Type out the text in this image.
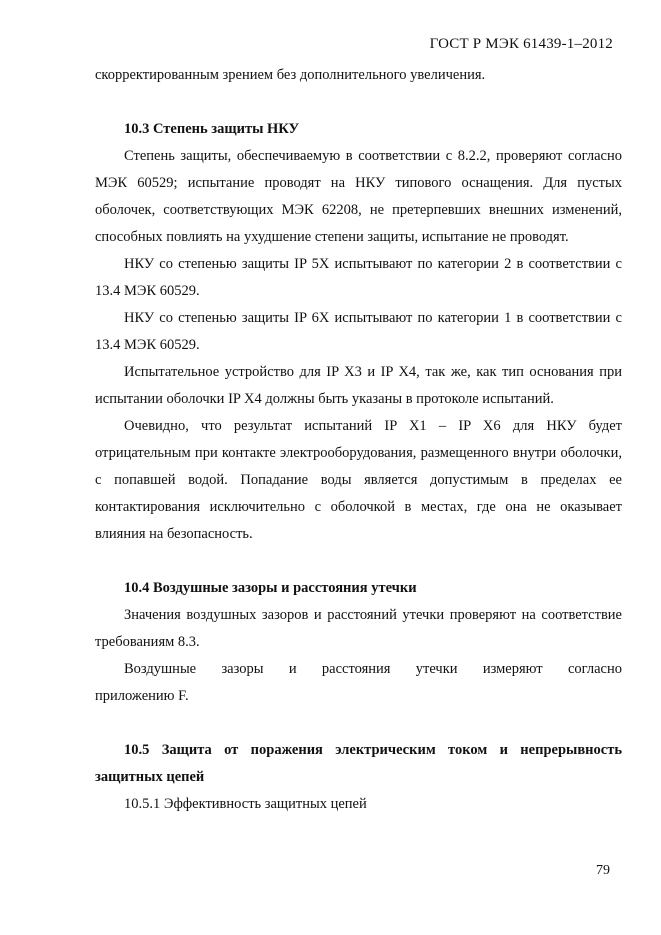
ГОСТ Р МЭК 61439-1–2012

скорректированным зрением без дополнительного увеличения.

10.3 Степень защиты НКУ

Степень защиты, обеспечиваемую в соответствии с 8.2.2, проверяют согласно МЭК 60529; испытание проводят на НКУ типового оснащения. Для пустых оболочек, соответствующих МЭК 62208, не претерпевших внешних изменений, способных повлиять на ухудшение степени защиты, испытание не проводят.

НКУ со степенью защиты IP 5X испытывают по категории 2 в соответствии с 13.4 МЭК 60529.

НКУ со степенью защиты IP 6X испытывают по категории 1 в соответствии с 13.4 МЭК 60529.

Испытательное устройство для IP X3 и IP X4, так же, как тип основания при испытании оболочки IP X4 должны быть указаны в протоколе испытаний.

Очевидно, что результат испытаний IP X1 – IP X6 для НКУ будет отрицательным при контакте электрооборудования, размещенного внутри оболочки, с попавшей водой. Попадание воды является допустимым в пределах ее контактирования исключительно с оболочкой в местах, где она не оказывает влияния на безопасность.

10.4 Воздушные зазоры и расстояния утечки

Значения воздушных зазоров и расстояний утечки проверяют на соответствие требованиям 8.3.

Воздушные зазоры и расстояния утечки измеряют согласно

приложению F.

10.5 Защита от поражения электрическим током и непрерывность защитных цепей

10.5.1 Эффективность защитных цепей

79
